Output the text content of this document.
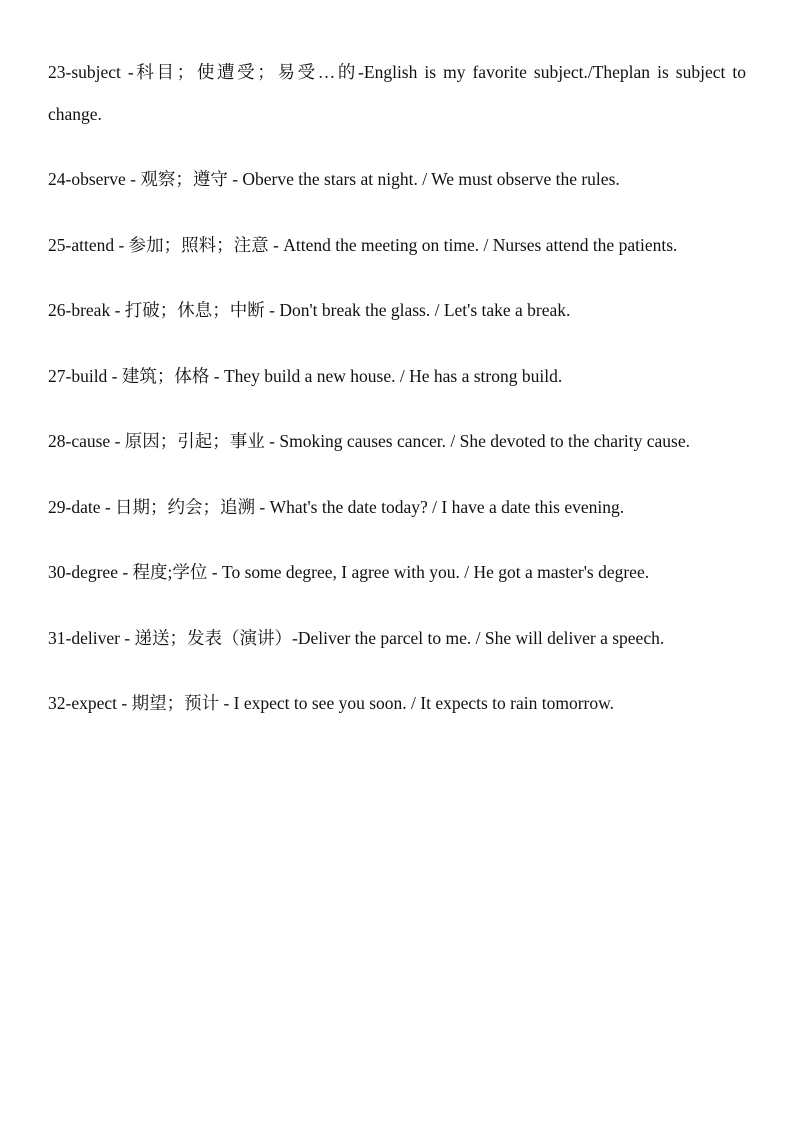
23-subject -科目；使遭受；易受…的-English is my favorite subject./Theplan is subject to change.

24-observe - 观察；遵守 - Oberve the stars at night. / We must observe the rules.

25-attend - 参加；照料；注意 - Attend the meeting on time. / Nurses attend the patients.

26-break - 打破；休息；中断 - Don't break the glass. / Let's take a break.

27-build - 建筑；体格 - They build a new house. / He has a strong build.

28-cause - 原因；引起；事业 - Smoking causes cancer. / She devoted to the charity cause.

29-date - 日期；约会；追溯 - What's the date today? / I have a date this evening.

30-degree - 程度;学位 - To some degree, I agree with you. / He got a master's degree.

31-deliver - 递送；发表（演讲）-Deliver the parcel to me. / She will deliver a speech.

32-expect - 期望；预计 - I expect to see you soon. / It expects to rain tomorrow.
